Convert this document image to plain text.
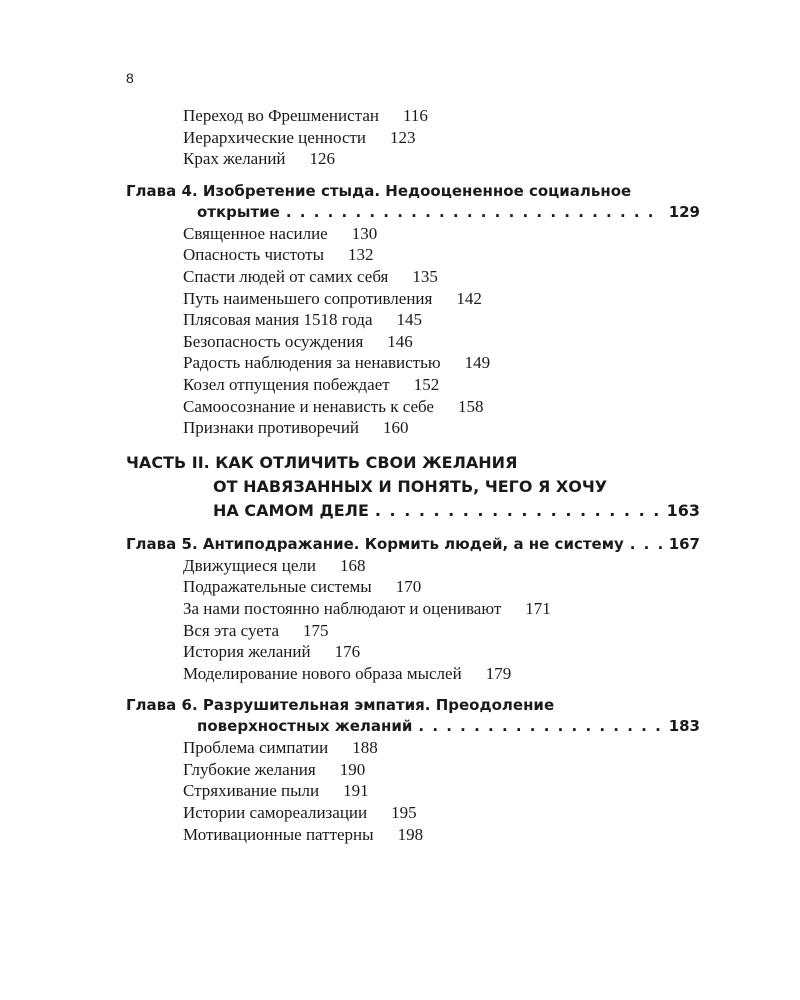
8
Переход во Фрешменистан 116
Иерархические ценности 123
Крах желаний 126
Глава 4. Изобретение стыда. Недооцененное социальное
открытие . . .	129
Священное насилие 130
Опасность чистоты 132
Спасти людей от самих себя 135
Путь наименьшего сопротивления 142
Плясовая мания 1518 года 145
Безопасность осуждения 146
Радость наблюдения за ненавистью 149
Козел отпущения побеждает 152
Самоосознание и ненависть к себе 158
Признаки противоречий 160
ЧАСТЬ II. КАК ОТЛИЧИТЬ СВОИ ЖЕЛАНИЯ
ОТ НАВЯЗАННЫХ И ПОНЯТЬ, ЧЕГО Я ХОЧУ
НА САМОМ ДЕЛЕ . . .	163
Глава 5. Антиподражание. Кормить людей, а не систему . . .	167
Движущиеся цели 168
Подражательные системы 170
За нами постоянно наблюдают и оценивают 171
Вся эта суета 175
История желаний 176
Моделирование нового образа мыслей 179
Глава 6. Разрушительная эмпатия. Преодоление
поверхностных желаний . . .	183
Проблема симпатии 188
Глубокие желания 190
Стряхивание пыли 191
Истории самореализации 195
Мотивационные паттерны 198
